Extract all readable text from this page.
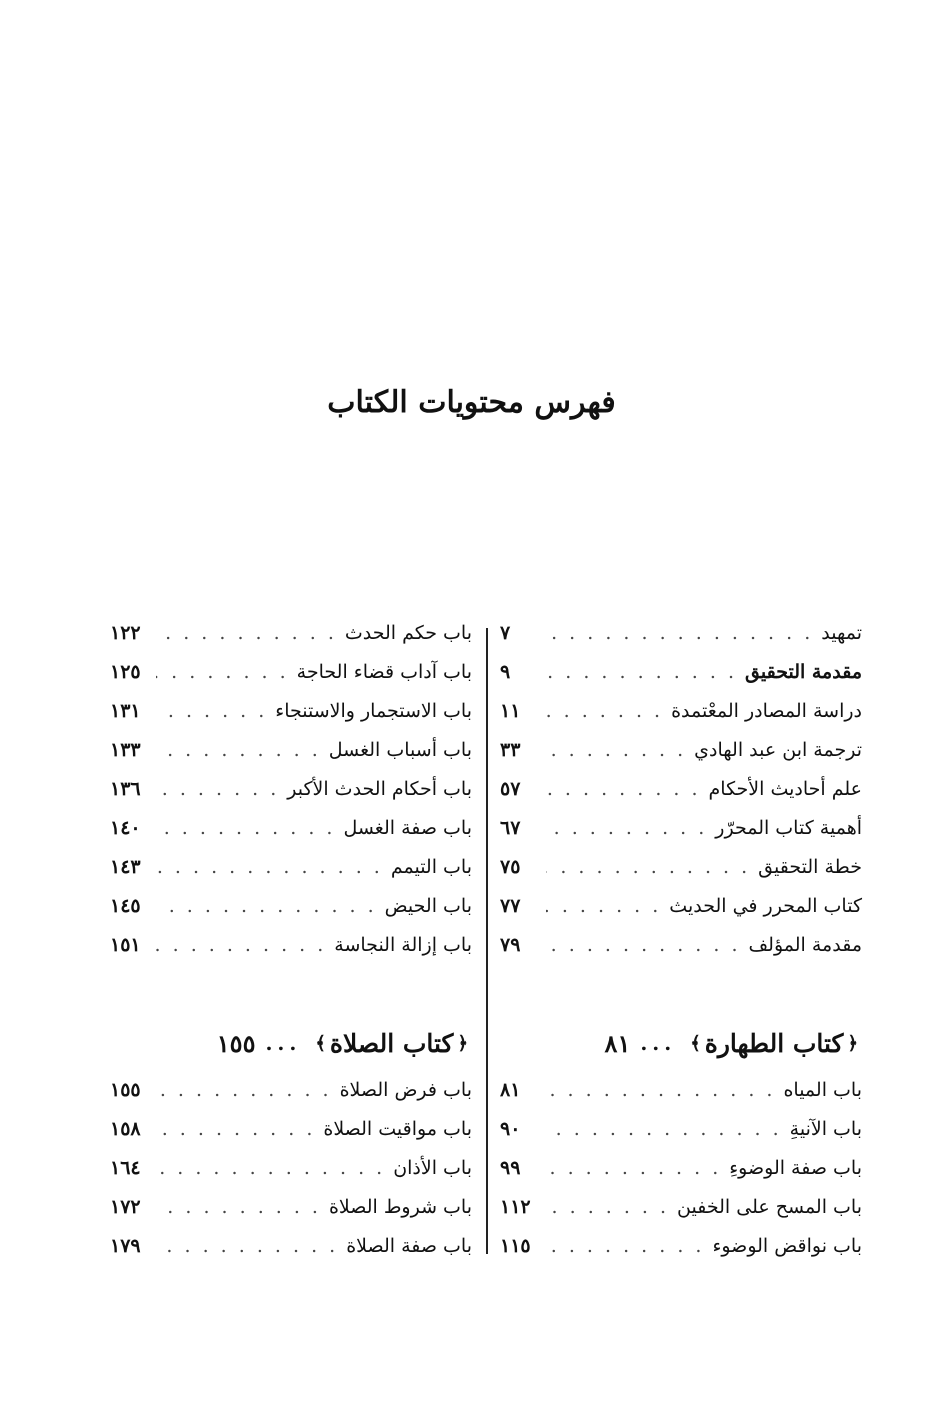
فهرس محتويات الكتاب
تمهيد
. . .
٧
مقدمة التحقيق
. . .
٩
دراسة المصادر المعْتمدة
. . .
١١
ترجمة ابن عبد الهادي
. . .
٣٣
علم أحاديث الأحكام
. . .
٥٧
أهمية كتاب المحرّر
. . .
٦٧
خطة التحقيق
. . .
٧٥
كتاب المحرر في الحديث
. . .
٧٧
مقدمة المؤلف
. . .
٧٩
﴿
كتاب الطهارة
﴾
...
٨١
باب المياه
. . .
٨١
باب الآنيةِ
. . .
٩٠
باب صفة الوضوءِ
. . .
٩٩
باب المسح على الخفين
. . .
١١٢
باب نواقض الوضوء
. . .
١١٥
باب حكم الحدث
. . .
١٢٢
باب آداب قضاء الحاجة
. . .
١٢٥
باب الاستجمار والاستنجاء
. . .
١٣١
باب أسباب الغسل
. . .
١٣٣
باب أحكام الحدث الأكبر
. . .
١٣٦
باب صفة الغسل
. . .
١٤٠
باب التيمم
. . .
١٤٣
باب الحيض
. . .
١٤٥
باب إزالة النجاسة
. . .
١٥١
﴿
كتاب الصلاة
﴾
...
١٥٥
باب فرض الصلاة
. . .
١٥٥
باب مواقيت الصلاة
. . .
١٥٨
باب الأذان
. . .
١٦٤
باب شروط الصلاة
. . .
١٧٢
باب صفة الصلاة
. . .
١٧٩
